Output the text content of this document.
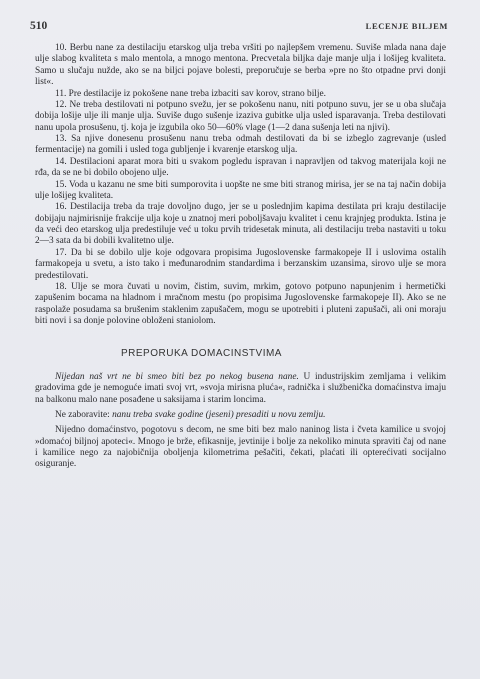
510	LECENJE BILJEM

10. Berbu nane za destilaciju etarskog ulja treba vršiti po najlepšem vremenu. Suviše mlada nana daje ulje slabog kvaliteta s malo mentola, a mnogo mentona. Precvetala biljka daje manje ulja i lošijeg kvaliteta. Samo u slučaju nužde, ako se na biljci pojave bolesti, preporučuje se berba »pre no što otpadne prvi donji list«.

11. Pre destilacije iz pokošene nane treba izbaciti sav korov, strano bilje.

12. Ne treba destilovati ni potpuno svežu, jer se pokošenu nanu, niti potpuno suvu, jer se u oba slučaja dobija lošije ulje ili manje ulja. Suviše dugo sušenje izaziva gubitke ulja usled isparavanja. Treba destilovati nanu upola prosušenu, tj. koja je izgubila oko 50—60% vlage (1—2 dana sušenja leti na njivi).

13. Sa njive donesenu prosušenu nanu treba odmah destilovati da bi se izbeglo zagrevanje (usled fermentacije) na gomili i usled toga gubljenje i kvarenje etarskog ulja.

14. Destilacioni aparat mora biti u svakom pogledu ispravan i napravljen od takvog materijala koji ne rđa, da se ne bi dobilo obojeno ulje.

15. Voda u kazanu ne sme biti sumporovita i uopšte ne sme biti stranog mirisa, jer se na taj način dobija ulje lošijeg kvaliteta.

16. Destilacija treba da traje dovoljno dugo, jer se u poslednjim kapima destilata pri kraju destilacije dobijaju najmirisnije frakcije ulja koje u znatnoj meri poboljšavaju kvalitet i cenu krajnjeg produkta. Istina je da veći deo etarskog ulja predestiluje već u toku prvih tridesetak minuta, ali destilaciju treba nastaviti u toku 2—3 sata da bi dobili kvalitetno ulje.

17. Da bi se dobilo ulje koje odgovara propisima Jugoslovenske farmakopeje II i uslovima ostalih farmakopeja u svetu, a isto tako i međunarodnim standardima i berzanskim uzansima, sirovo ulje se mora predestilovati.

18. Ulje se mora čuvati u novim, čistim, suvim, mrkim, gotovo potpuno napunjenim i hermetički zapušenim bocama na hladnom i mračnom mestu (po propisima Jugoslovenske farmakopeje II). Ako se ne raspolaže posudama sa brušenim staklenim zapušačem, mogu se upotrebiti i pluteni zapušači, ali oni moraju biti novi i sa donje polovine obloženi staniolom.

PREPORUKA DOMACINSTVIMA

Nijedan naš vrt ne bi smeo biti bez po nekog busena nane. U industrijskim zemljama i velikim gradovima gde je nemoguće imati svoj vrt, »svoja mirisna pluća«, radnička i službenička domaćinstva imaju na balkonu malo nane posađene u saksijama i starim loncima.

Ne zaboravite: nanu treba svake godine (jeseni) presaditi u novu zemlju.

Nijedno domaćinstvo, pogotovu s decom, ne sme biti bez malo naninog lista i čveta kamilice u svojoj »domaćoj biljnoj apoteci«. Mnogo je brže, efikasnije, jevtinije i bolje za nekoliko minuta spraviti čaj od nane i kamilice nego za najobičnija oboljenja kilometrima pešačiti, čekati, plaćati ili opterećivati socijalno osiguranje.
